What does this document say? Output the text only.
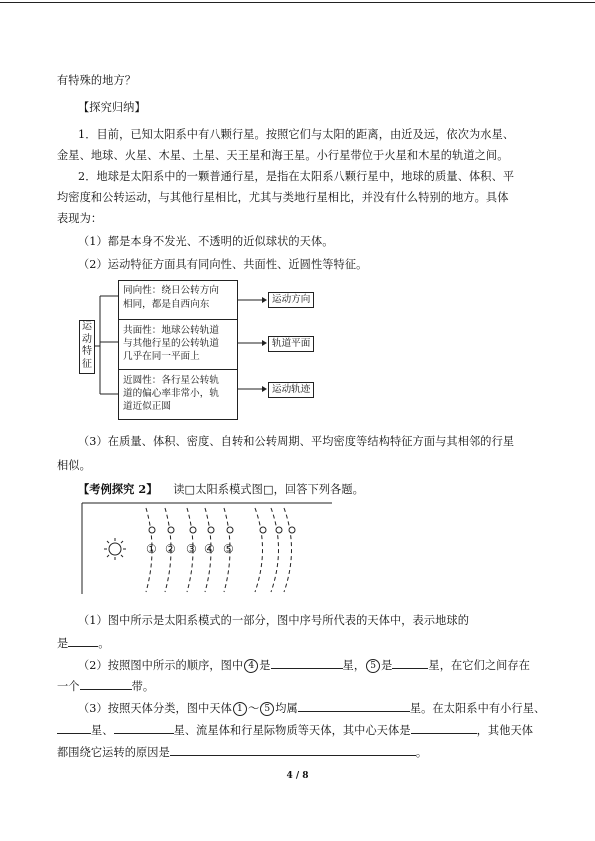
有特殊的地方？
【探究归纳】
1．目前，已知太阳系中有八颗行星。按照它们与太阳的距离，由近及远，依次为水星、
金星、地球、火星、木星、土星、天王星和海王星。小行星带位于火星和木星的轨道之间。
2．地球是太阳系中的一颗普通行星，是指在太阳系八颗行星中，地球的质量、体积、平
均密度和公转运动，与其他行星相比，尤其与类地行星相比，并没有什么特别的地方。具体
表现为：
（1）都是本身不发光、不透明的近似球状的天体。
（2）运动特征方面具有同向性、共面性、近圆性等特征。
运
动
特
征
同向性：绕日公转方向
相同，都是自西向东
共面性：地球公转轨道
与其他行星的公转轨道
几乎在同一平面上
近圆性：各行星公转轨
道的偏心率非常小，轨
道近似正圆
运动方向
轨道平面
运动轨迹
（3）在质量、体积、密度、自转和公转周期、平均密度等结构特征方面与其相邻的行星
相似。
【考例探究 2】 读□太阳系模式图□，回答下列各题。
① ② ③ ④ ⑤
（1）图中所示是太阳系模式的一部分，图中序号所代表的天体中，表示地球的
是	。
（2）按照图中所示的顺序，图中 4 是	星， 5 是	星，在它们之间存在
一个	带。
（3）按照天体分类，图中天体 1 ～ 5 均属	星。在太阳系中有小行星、
星、	星、流星体和行星际物质等天体，其中心天体是	，其他天体
都围绕它运转的原因是	。
4 / 8
